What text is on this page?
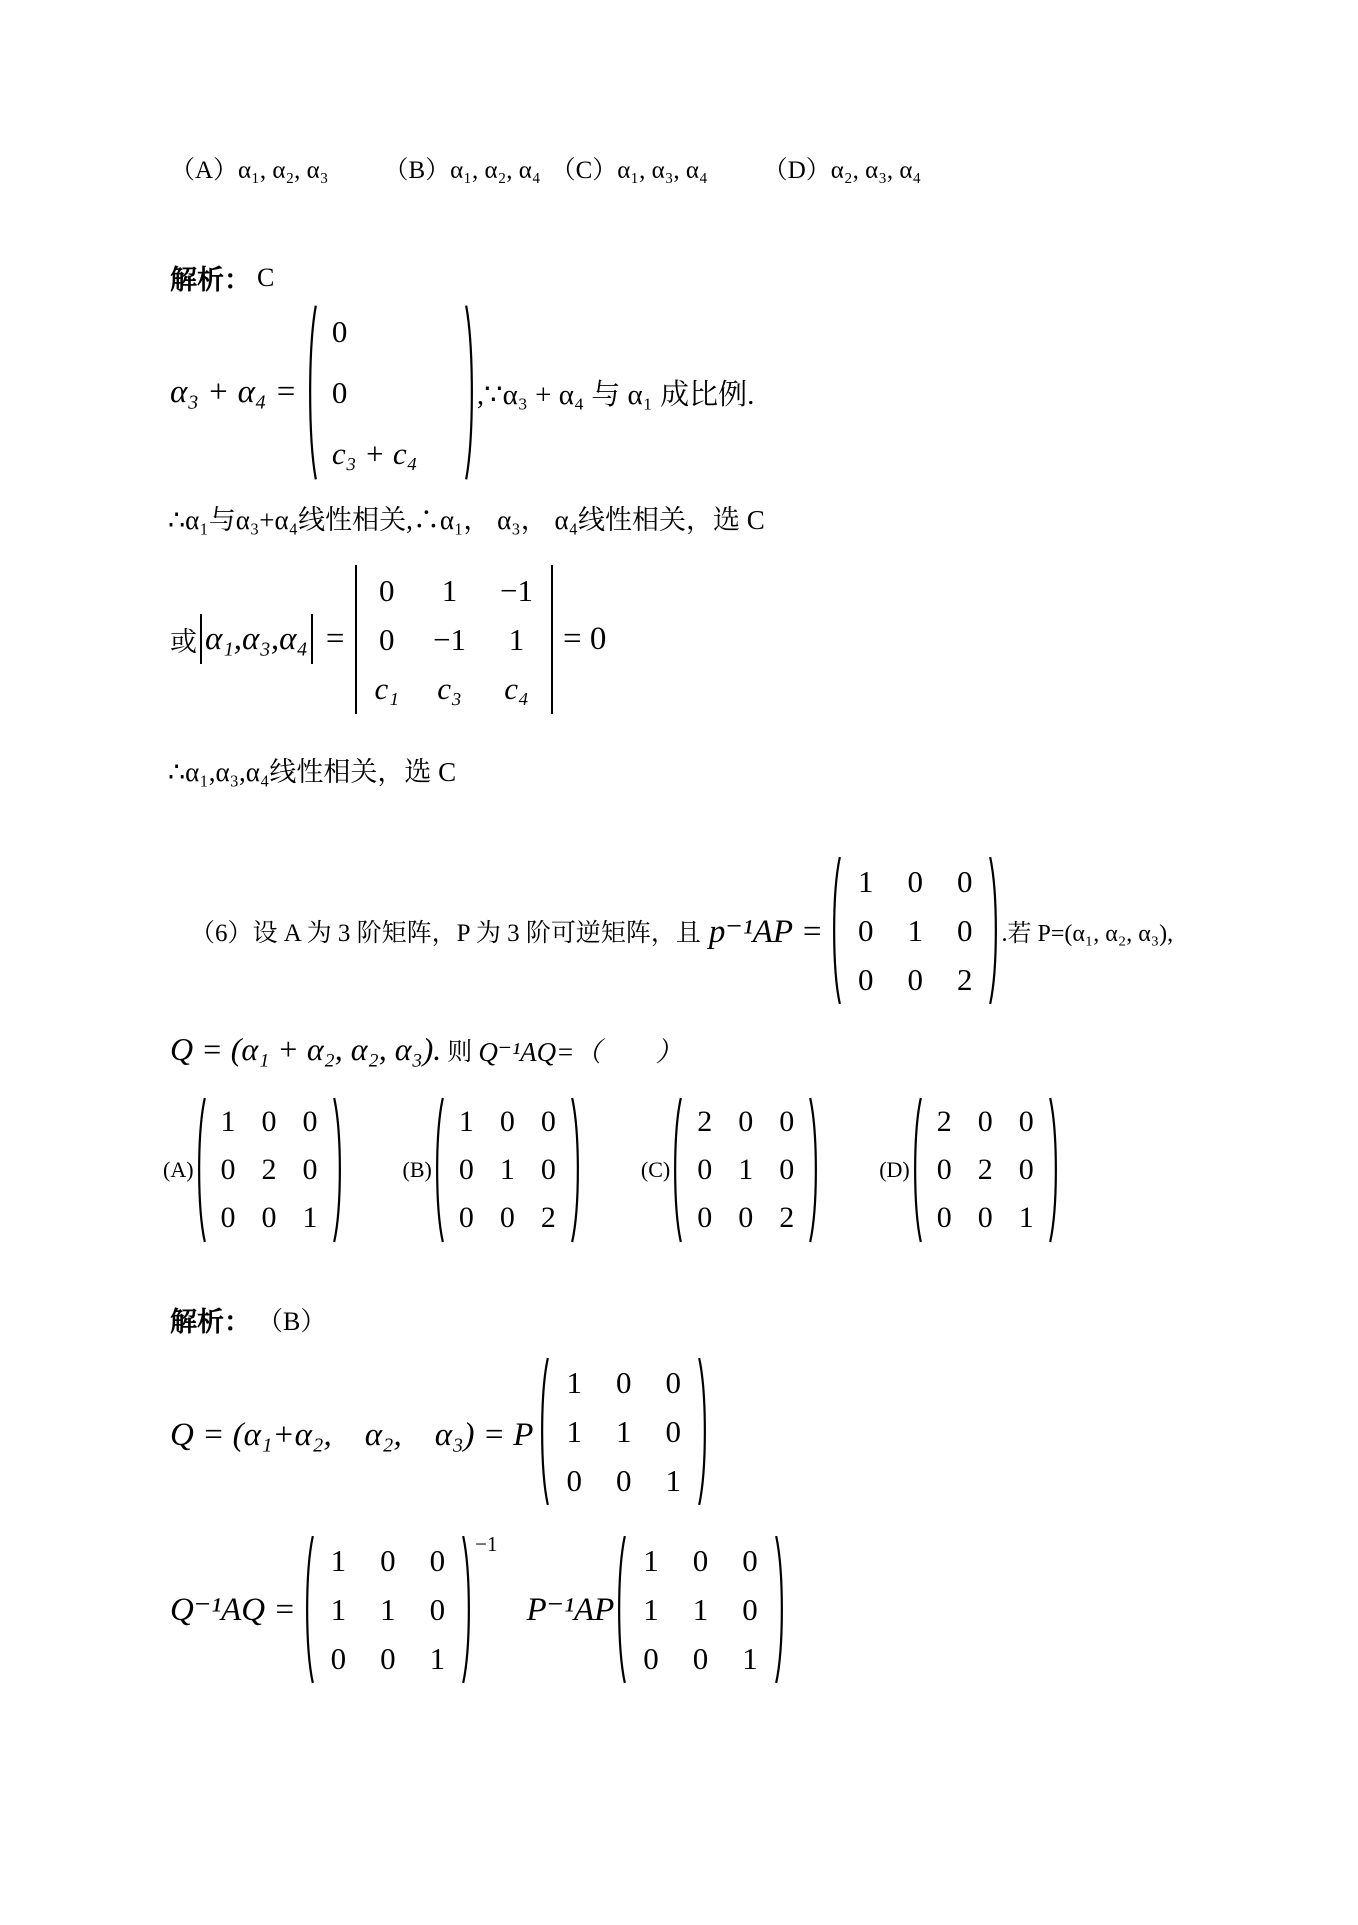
（A）α₁, α₂, α₃ （B）α₁, α₂, α₄ （C）α₁, α₃, α₄ （D）α₂, α₃, α₄
解析： C
α₃ + α₄ =
0
0
c₃ + c₄
,∵α₃ + α₄ 与 α₁ 成比例.
∴α₁与α₃+α₄线性相关,∴α₁， α₃， α₄线性相关，选 C
或 α₁,α₃,α₄ =
0 1 −1
0 −1 1
c₁ c₃ c₄
= 0
∴α₁,α₃,α₄线性相关，选 C
（6）设 A 为 3 阶矩阵，P 为 3 阶可逆矩阵，且 p⁻¹AP =
1 0 0
0 1 0
0 0 2
.若 P=(α₁, α₂, α₃),
Q = (α₁ + α₂, α₂, α₃). 则 Q⁻¹AQ=（　　）
(A)
1 0 0
0 2 0
0 0 1
(B)
1 0 0
0 1 0
0 0 2
(C)
2 0 0
0 1 0
0 0 2
(D)
2 0 0
0 2 0
0 0 1
解析： （B）
Q = (α₁+α₂,　α₂,　α₃) = P
1 0 0
1 1 0
0 0 1
Q⁻¹AQ =
1 0 0
1 1 0
0 0 1
−1
P⁻¹AP
1 0 0
1 1 0
0 0 1
